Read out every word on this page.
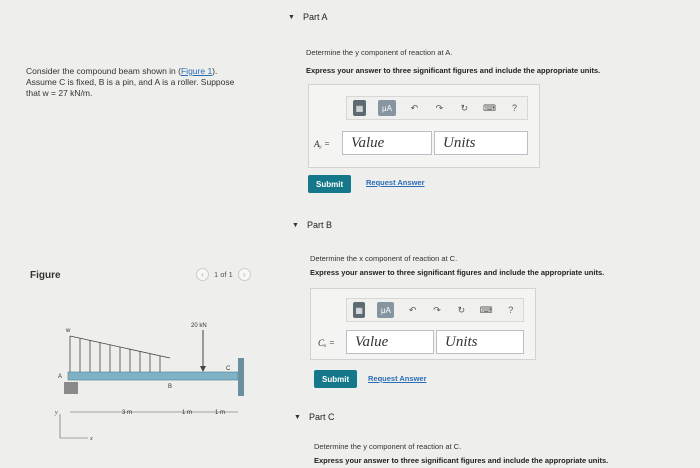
Consider the compound beam shown in (Figure 1).
Assume C is fixed, B is a pin, and A is a roller. Suppose
that w = 27 kN/m.
Figure	‹	1 of 1	›
w
20 kN
A
B
C
3 m	1 m	1 m
y
x
▼ Part A
Determine the y component of reaction at A.
Express your answer to three significant figures and include the appropriate units.
▦	μA	↶	↷	↻	⌨	?
Aᵧ =	Value	Units
Submit	Request Answer
▼ Part B
Determine the x component of reaction at C.
Express your answer to three significant figures and include the appropriate units.
▦	μA	↶ ↷ ↻ ⌨	?
Cₓ =	Value	Units
Submit	Request Answer
▼ Part C
Determine the y component of reaction at C.
Express your answer to three significant figures and include the appropriate units.
